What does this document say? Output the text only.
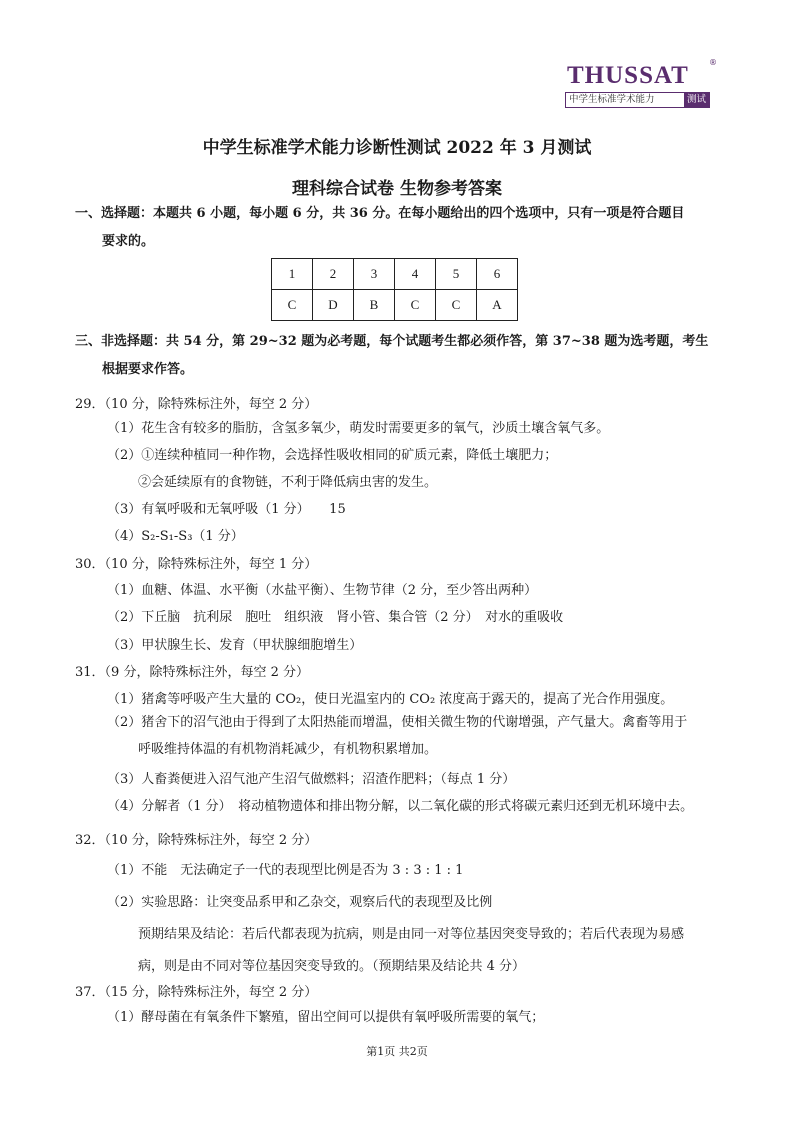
THUSSAT	®
中学生标准学术能力	测试
中学生标准学术能力诊断性测试 2022 年 3 月测试
理科综合试卷 生物参考答案
一、选择题：本题共 6 小题，每小题 6 分，共 36 分。在每小题给出的四个选项中，只有一项是符合题目
要求的。
1	2	3	4	5	6
C	D	B	C	C	A
三、非选择题：共 54 分，第 29~32 题为必考题，每个试题考生都必须作答，第 37~38 题为选考题，考生
根据要求作答。
29．（10 分，除特殊标注外，每空 2 分）
（1）花生含有较多的脂肪，含氢多氧少，萌发时需要更多的氧气，沙质土壤含氧气多。
（2）①连续种植同一种作物，会选择性吸收相同的矿质元素，降低土壤肥力；
②会延续原有的食物链，不利于降低病虫害的发生。
（3）有氧呼吸和无氧呼吸（1 分）　　15
（4）S₂-S₁-S₃（1 分）
30．（10 分，除特殊标注外，每空 1 分）
（1）血糖、体温、水平衡（水盐平衡）、生物节律（2 分，至少答出两种）
（2）下丘脑　抗利尿　胞吐　组织液　肾小管、集合管（2 分）　对水的重吸收
（3）甲状腺生长、发育（甲状腺细胞增生）
31．（9 分，除特殊标注外，每空 2 分）
（1）猪禽等呼吸产生大量的 CO₂，使日光温室内的 CO₂ 浓度高于露天的，提高了光合作用强度。
（2）猪舍下的沼气池由于得到了太阳热能而增温，使相关微生物的代谢增强，产气量大。禽畜等用于
呼吸维持体温的有机物消耗减少，有机物积累增加。
（3）人畜粪便进入沼气池产生沼气做燃料；沼渣作肥料；（每点 1 分）
（4）分解者（1 分）　将动植物遗体和排出物分解，以二氧化碳的形式将碳元素归还到无机环境中去。
32．（10 分，除特殊标注外，每空 2 分）
（1）不能　无法确定子一代的表现型比例是否为 3 : 3 : 1 : 1
（2）实验思路：让突变品系甲和乙杂交，观察后代的表现型及比例
预期结果及结论：若后代都表现为抗病，则是由同一对等位基因突变导致的；若后代表现为易感
病，则是由不同对等位基因突变导致的。（预期结果及结论共 4 分）
37．（15 分，除特殊标注外，每空 2 分）
（1）酵母菌在有氧条件下繁殖，留出空间可以提供有氧呼吸所需要的氧气；
第1页 共2页
